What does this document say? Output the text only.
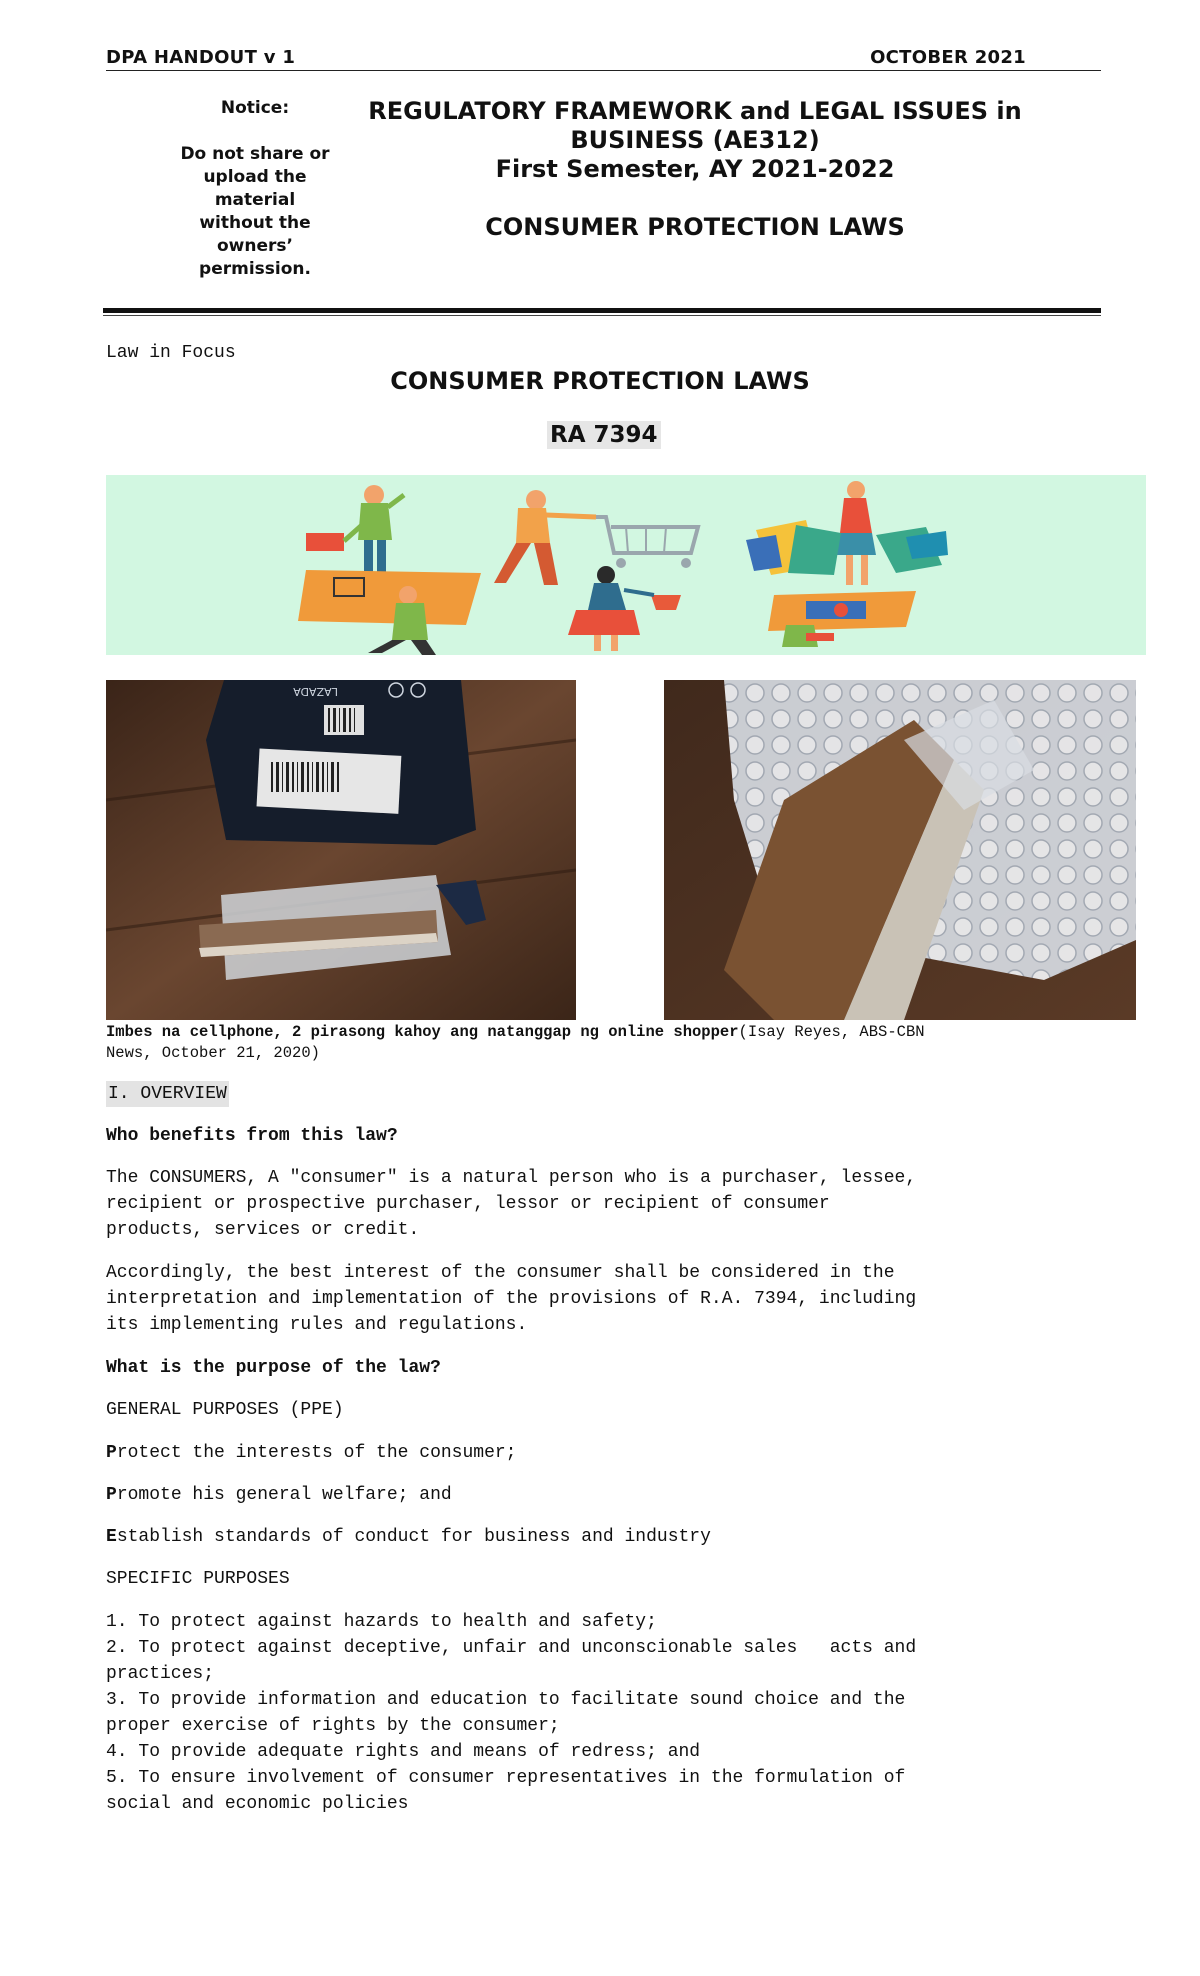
DPA HANDOUT v 1	OCTOBER 2021
Notice:
Do not share or
upload the
material
without the
owners’
permission.
REGULATORY FRAMEWORK and LEGAL ISSUES in
BUSINESS (AE312)
First Semester, AY 2021-2022
CONSUMER PROTECTION LAWS
Law in Focus
CONSUMER PROTECTION LAWS
RA 7394
LAZADA
Imbes na cellphone, 2 pirasong kahoy ang natanggap ng online shopper(Isay Reyes, ABS-CBN
News, October 21, 2020)
I. OVERVIEW
Who benefits from this law?
The CONSUMERS, A "consumer" is a natural person who is a purchaser, lessee,
recipient or prospective purchaser, lessor or recipient of consumer
products, services or credit.
Accordingly, the best interest of the consumer shall be considered in the
interpretation and implementation of the provisions of R.A. 7394, including
its implementing rules and regulations.
What is the purpose of the law?
GENERAL PURPOSES (PPE)
Protect the interests of the consumer;
Promote his general welfare; and
Establish standards of conduct for business and industry
SPECIFIC PURPOSES
1. To protect against hazards to health and safety;
2. To protect against deceptive, unfair and unconscionable sales   acts and
practices;
3. To provide information and education to facilitate sound choice and the
proper exercise of rights by the consumer;
4. To provide adequate rights and means of redress; and
5. To ensure involvement of consumer representatives in the formulation of
social and economic policies
